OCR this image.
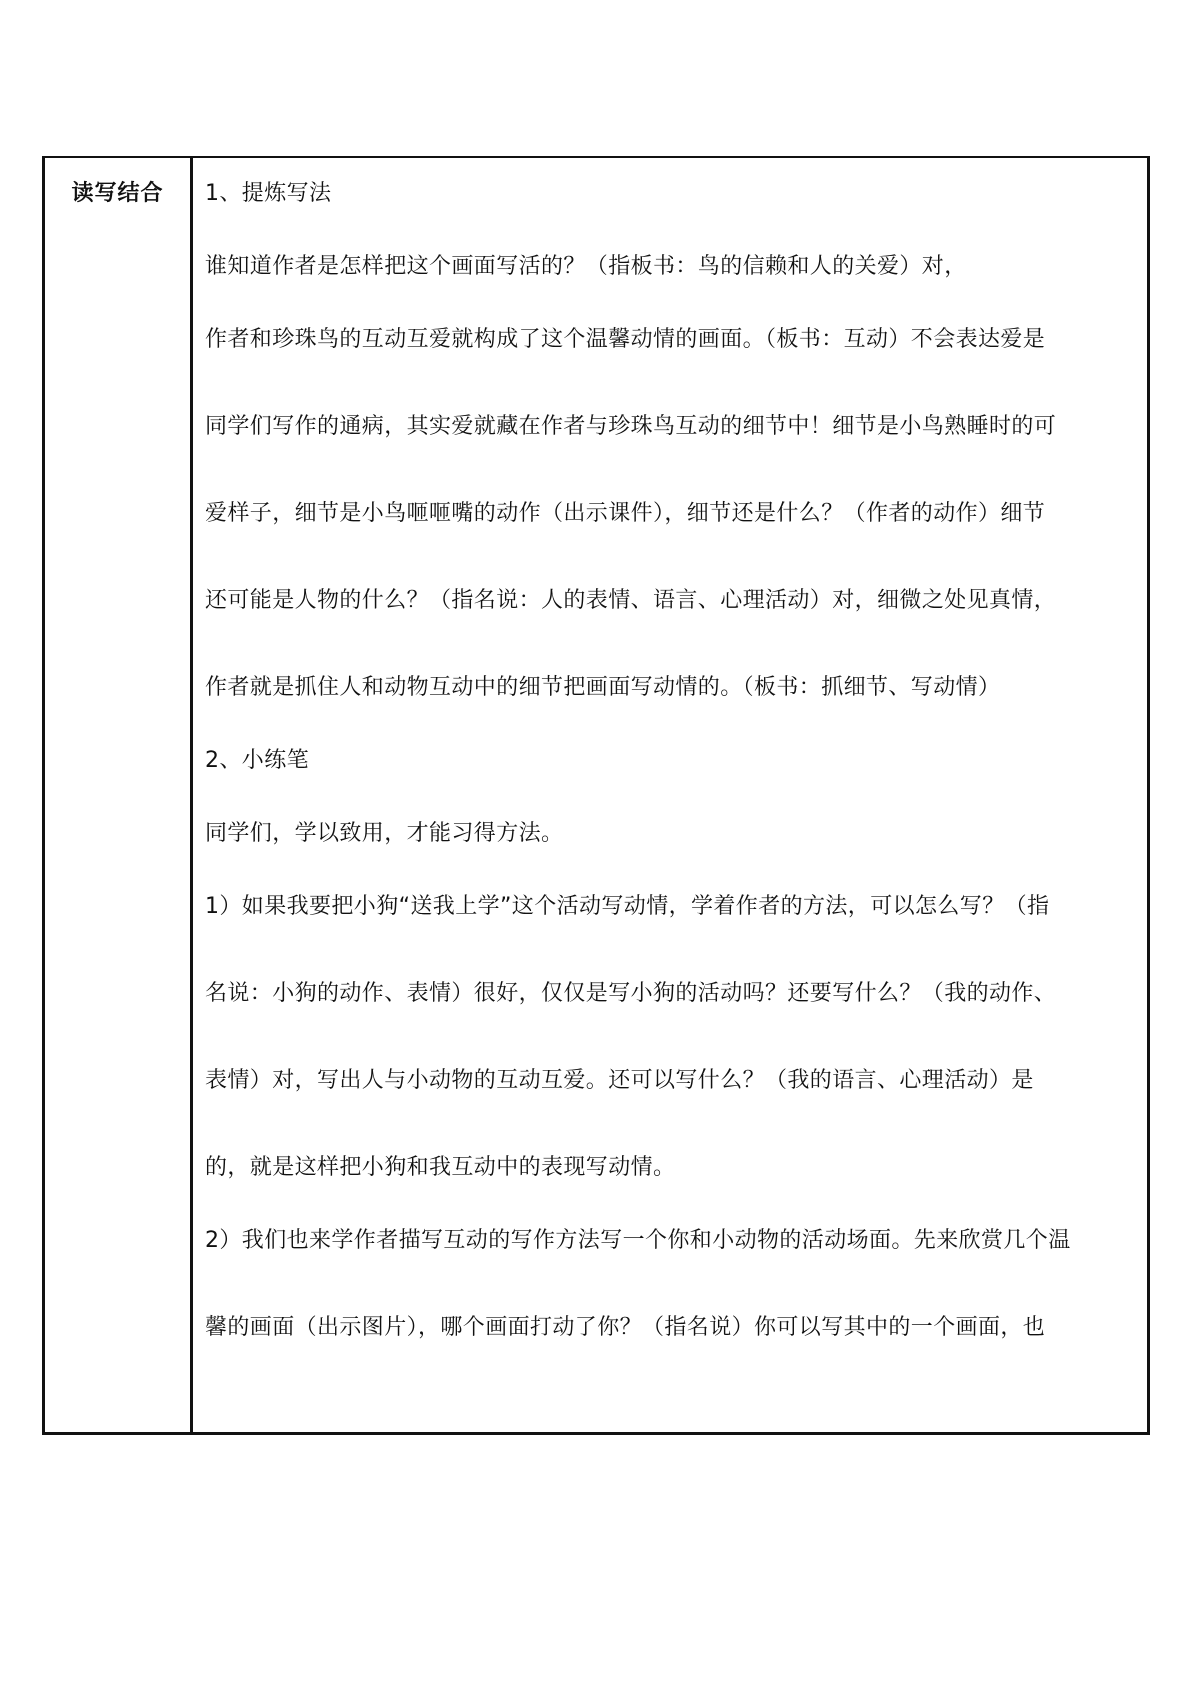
读写结合	1、提炼写法
谁知道作者是怎样把这个画面写活的？（指板书：鸟的信赖和人的关爱）对，
作者和珍珠鸟的互动互爱就构成了这个温馨动情的画面。（板书：互动）不会表达爱是
同学们写作的通病，其实爱就藏在作者与珍珠鸟互动的细节中！细节是小鸟熟睡时的可
爱样子，细节是小鸟咂咂嘴的动作（出示课件），细节还是什么？（作者的动作）细节
还可能是人物的什么？（指名说：人的表情、语言、心理活动）对，细微之处见真情，
作者就是抓住人和动物互动中的细节把画面写动情的。（板书：抓细节、写动情）
2、小练笔
同学们，学以致用，才能习得方法。
1）如果我要把小狗“送我上学”这个活动写动情，学着作者的方法，可以怎么写？（指
名说：小狗的动作、表情）很好，仅仅是写小狗的活动吗？还要写什么？（我的动作、
表情）对，写出人与小动物的互动互爱。还可以写什么？（我的语言、心理活动）是
的，就是这样把小狗和我互动中的表现写动情。
2）我们也来学作者描写互动的写作方法写一个你和小动物的活动场面。先来欣赏几个温
馨的画面（出示图片），哪个画面打动了你？（指名说）你可以写其中的一个画面，也
